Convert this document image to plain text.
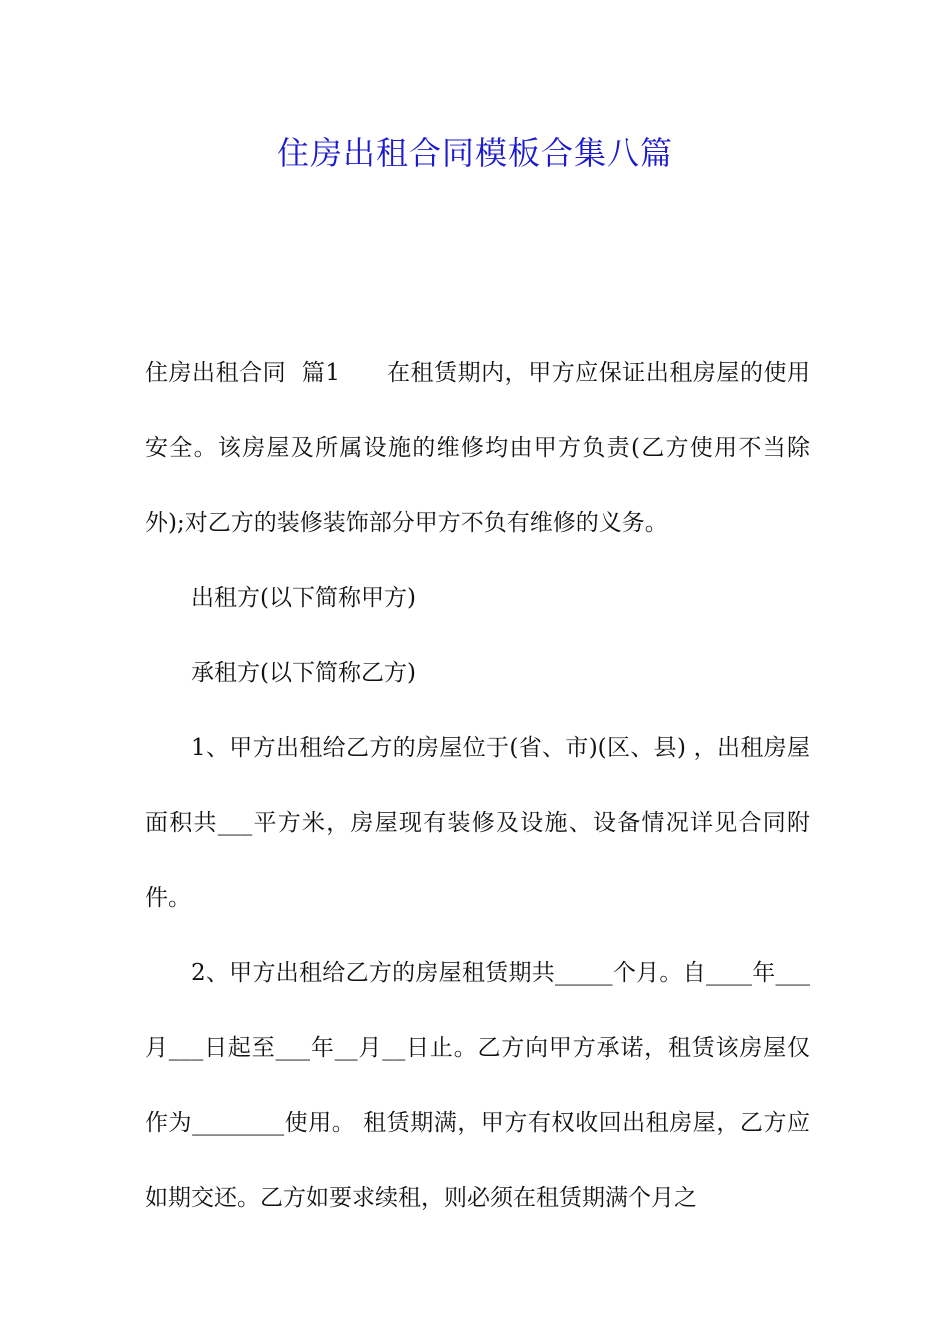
住房出租合同模板合集八篇

住房出租合同  篇1      在租赁期内，甲方应保证出租房屋的使用安全。该房屋及所属设施的维修均由甲方负责(乙方使用不当除外);对乙方的装修装饰部分甲方不负有维修的义务。

出租方(以下简称甲方)

承租方(以下简称乙方)

1、甲方出租给乙方的房屋位于(省、市)(区、县) ，出租房屋面积共___平方米，房屋现有装修及设施、设备情况详见合同附件。

2、甲方出租给乙方的房屋租赁期共_____个月。自____年___月___日起至___年__月__日止。乙方向甲方承诺，租赁该房屋仅作为________使用。 租赁期满，甲方有权收回出租房屋，乙方应如期交还。乙方如要求续租，则必须在租赁期满个月之
